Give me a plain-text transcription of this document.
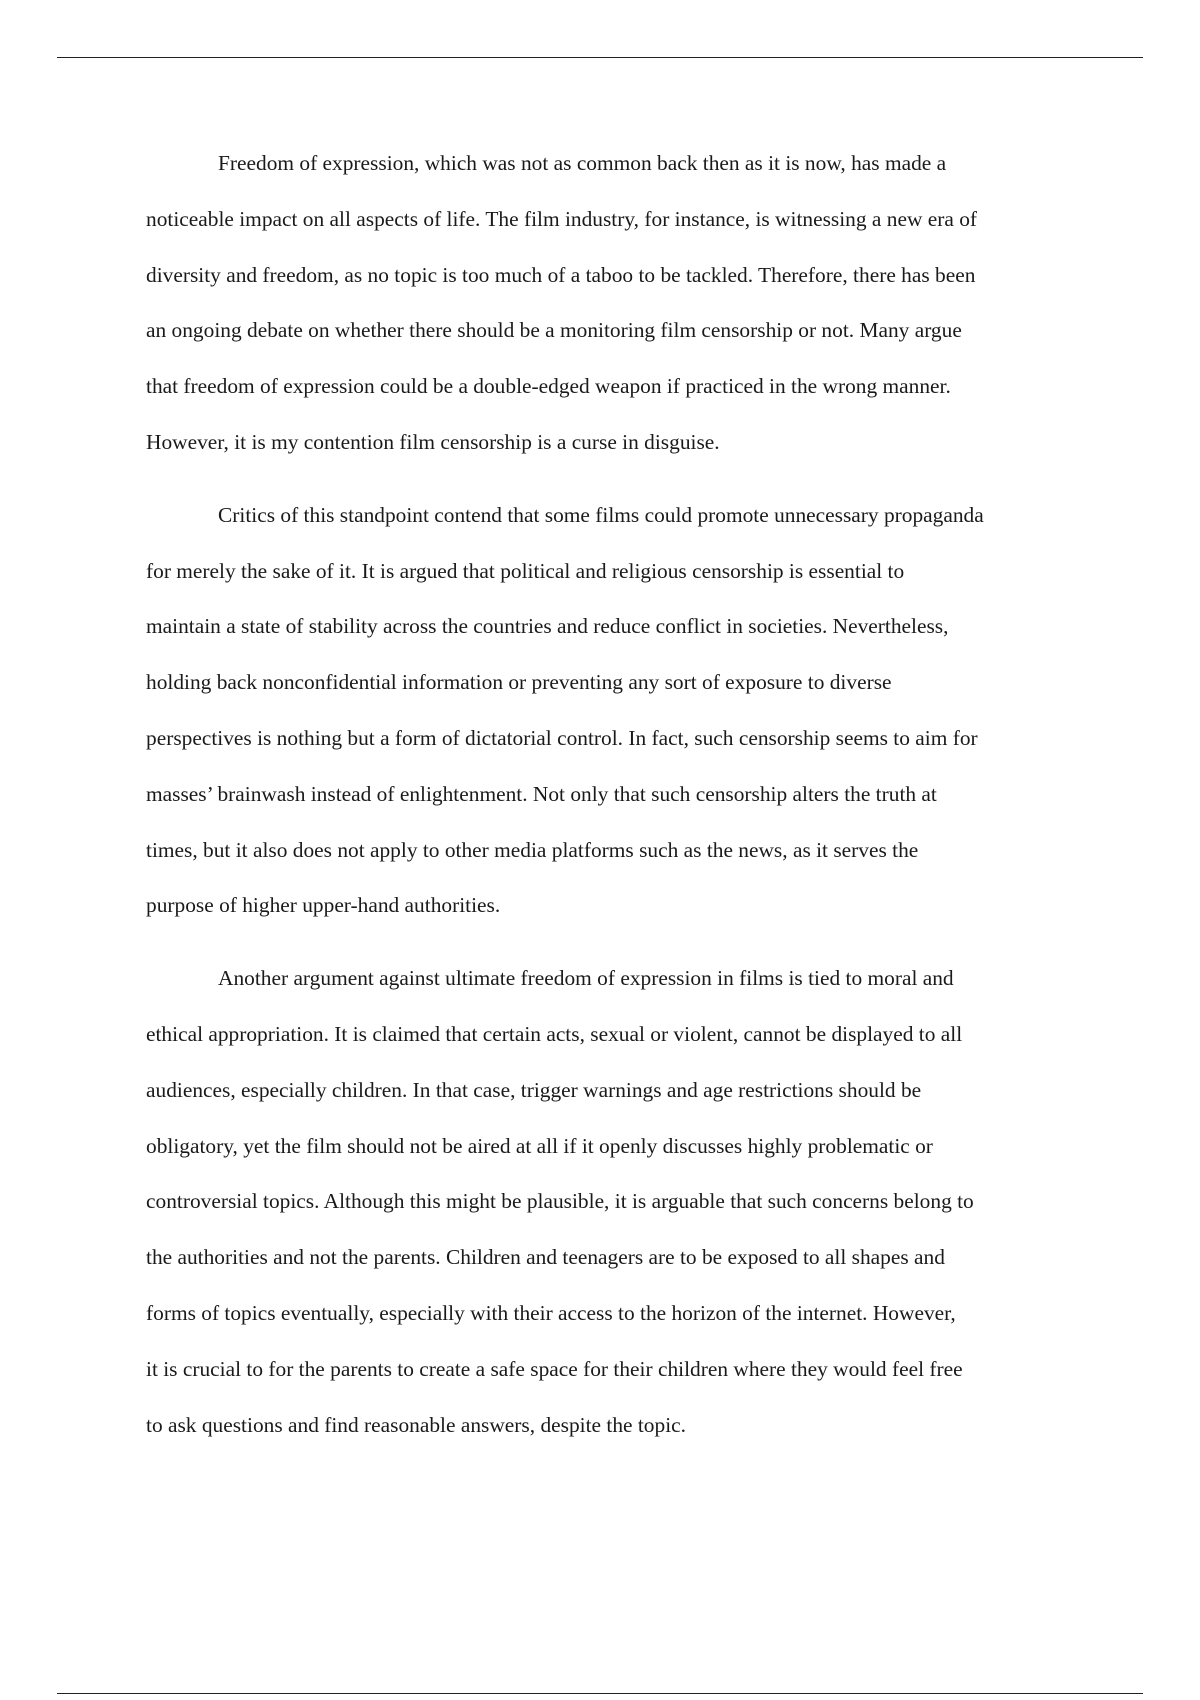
Freedom of expression, which was not as common back then as it is now, has made a
noticeable impact on all aspects of life. The film industry, for instance, is witnessing a new era of
diversity and freedom, as no topic is too much of a taboo to be tackled. Therefore, there has been
an ongoing debate on whether there should be a monitoring film censorship or not. Many argue
that freedom of expression could be a double-edged weapon if practiced in the wrong manner.
However, it is my contention film censorship is a curse in disguise.

Critics of this standpoint contend that some films could promote unnecessary propaganda
for merely the sake of it. It is argued that political and religious censorship is essential to
maintain a state of stability across the countries and reduce conflict in societies. Nevertheless,
holding back nonconfidential information or preventing any sort of exposure to diverse
perspectives is nothing but a form of dictatorial control. In fact, such censorship seems to aim for
masses’ brainwash instead of enlightenment. Not only that such censorship alters the truth at
times, but it also does not apply to other media platforms such as the news, as it serves the
purpose of higher upper-hand authorities.

Another argument against ultimate freedom of expression in films is tied to moral and
ethical appropriation. It is claimed that certain acts, sexual or violent, cannot be displayed to all
audiences, especially children. In that case, trigger warnings and age restrictions should be
obligatory, yet the film should not be aired at all if it openly discusses highly problematic or
controversial topics. Although this might be plausible, it is arguable that such concerns belong to
the authorities and not the parents. Children and teenagers are to be exposed to all shapes and
forms of topics eventually, especially with their access to the horizon of the internet. However,
it is crucial to for the parents to create a safe space for their children where they would feel free
to ask questions and find reasonable answers, despite the topic.
